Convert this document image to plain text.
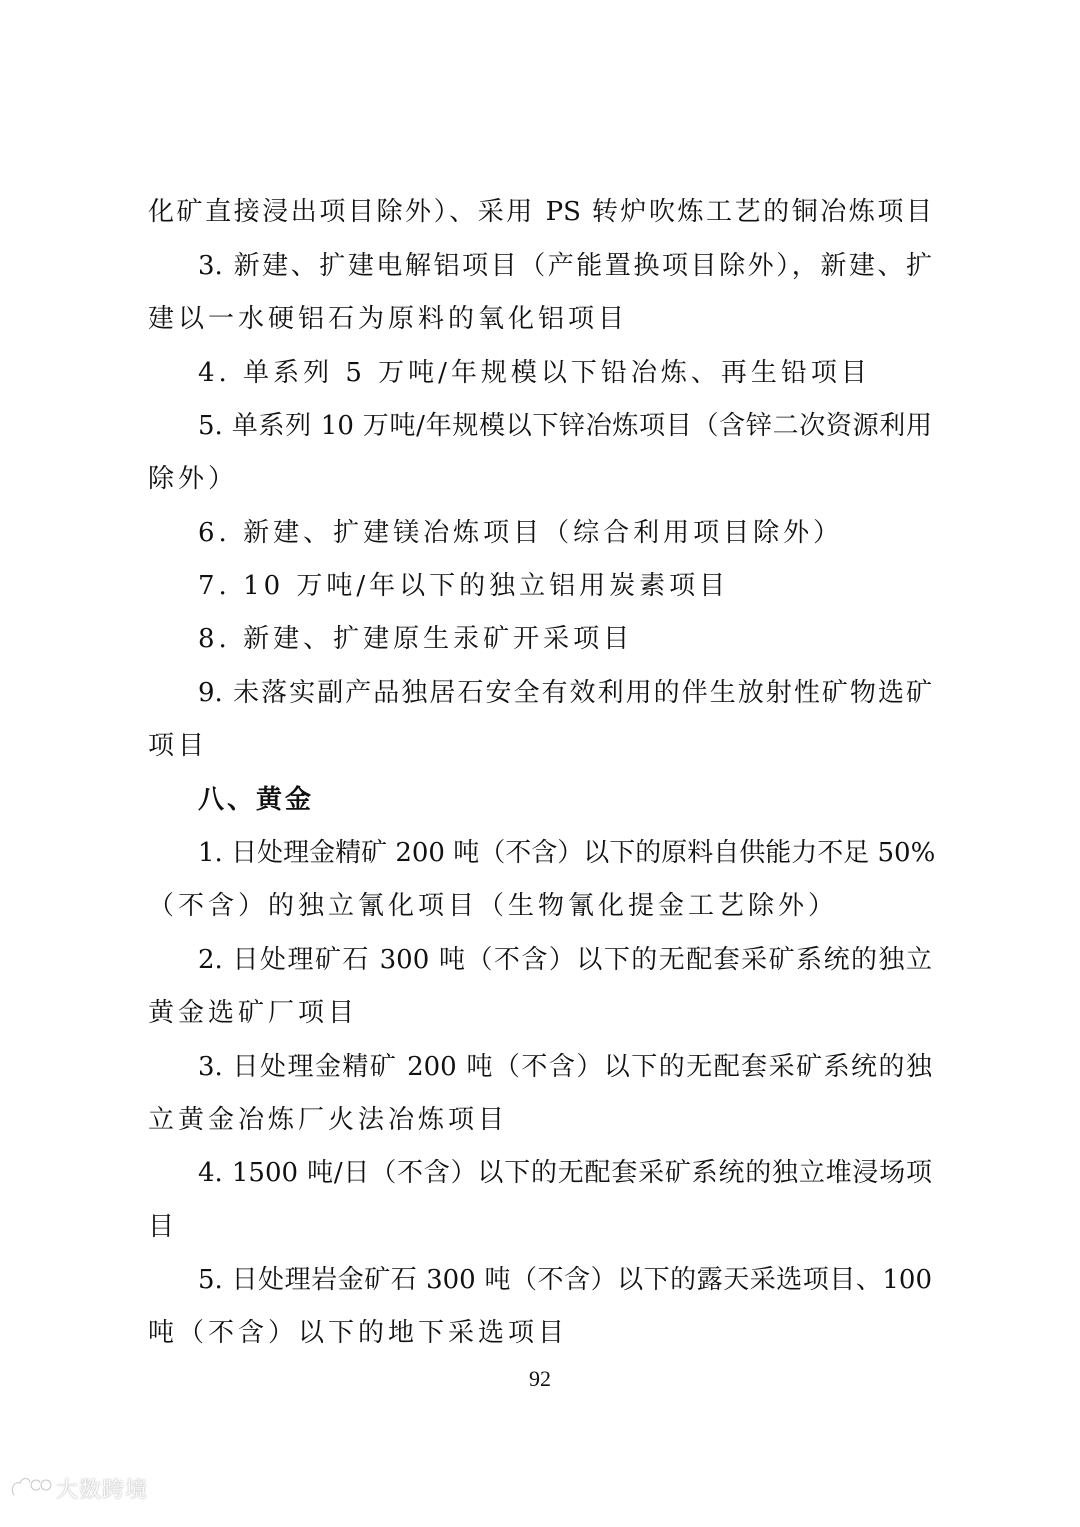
化矿直接浸出项目除外）、采用 PS 转炉吹炼工艺的铜冶炼项目
3. 新建、扩建电解铝项目（产能置换项目除外），新建、扩
建以一水硬铝石为原料的氧化铝项目
4. 单系列 5 万吨/年规模以下铅冶炼、再生铅项目
5. 单系列 10 万吨/年规模以下锌冶炼项目（含锌二次资源利用
除外）
6. 新建、扩建镁冶炼项目（综合利用项目除外）
7. 10 万吨/年以下的独立铝用炭素项目
8. 新建、扩建原生汞矿开采项目
9. 未落实副产品独居石安全有效利用的伴生放射性矿物选矿
项目
八、黄金
1. 日处理金精矿 200 吨（不含）以下的原料自供能力不足 50%
（不含）的独立氰化项目（生物氰化提金工艺除外）
2. 日处理矿石 300 吨（不含）以下的无配套采矿系统的独立
黄金选矿厂项目
3. 日处理金精矿 200 吨（不含）以下的无配套采矿系统的独
立黄金冶炼厂火法冶炼项目
4. 1500 吨/日（不含）以下的无配套采矿系统的独立堆浸场项
目
5. 日处理岩金矿石 300 吨（不含）以下的露天采选项目、100
吨（不含）以下的地下采选项目
92
大数跨境
